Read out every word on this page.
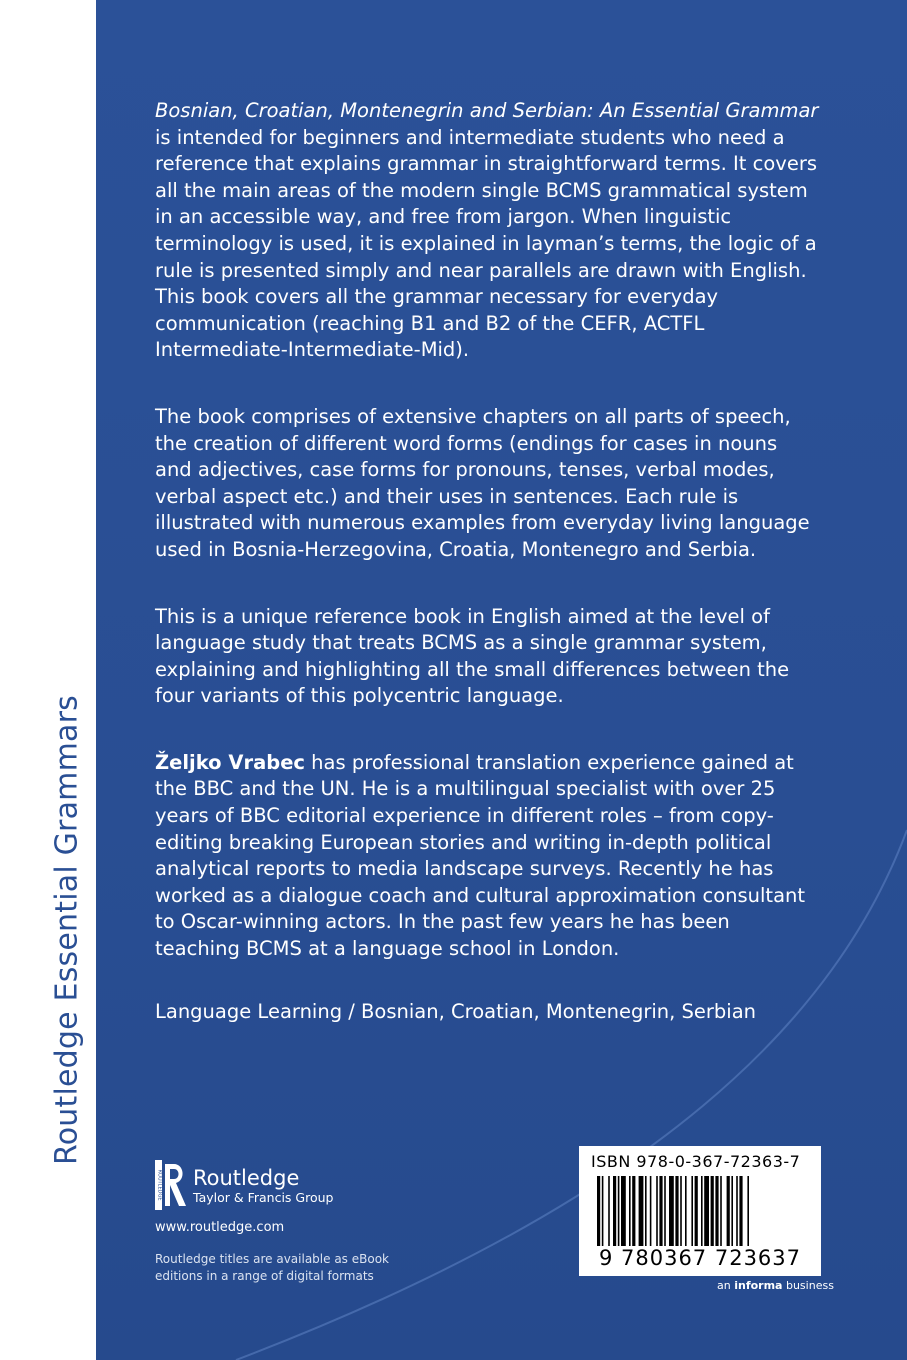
Routledge Essential Grammars

Bosnian, Croatian, Montenegrin and Serbian: An Essential Grammar is intended for beginners and intermediate students who need a reference that explains grammar in straightforward terms. It covers all the main areas of the modern single BCMS grammatical system in an accessible way, and free from jargon. When linguistic terminology is used, it is explained in layman’s terms, the logic of a rule is presented simply and near parallels are drawn with English. This book covers all the grammar necessary for everyday communication (reaching B1 and B2 of the CEFR, ACTFL Intermediate-Intermediate-Mid).

The book comprises of extensive chapters on all parts of speech, the creation of different word forms (endings for cases in nouns and adjectives, case forms for pronouns, tenses, verbal modes, verbal aspect etc.) and their uses in sentences. Each rule is illustrated with numerous examples from everyday living language used in Bosnia-Herzegovina, Croatia, Montenegro and Serbia.

This is a unique reference book in English aimed at the level of language study that treats BCMS as a single grammar system, explaining and highlighting all the small differences between the four variants of this polycentric language.

Željko Vrabec has professional translation experience gained at the BBC and the UN. He is a multilingual specialist with over 25 years of BBC editorial experience in different roles – from copy-editing breaking European stories and writing in-depth political analytical reports to media landscape surveys. Recently he has worked as a dialogue coach and cultural approximation consultant to Oscar-winning actors. In the past few years he has been teaching BCMS at a language school in London.

Language Learning / Bosnian, Croatian, Montenegrin, Serbian

ROUTLEDGE Routledge
Taylor & Francis Group
www.routledge.com
Routledge titles are available as eBook editions in a range of digital formats
ISBN 978-0-367-72363-7
9 780367 723637
an informa business
